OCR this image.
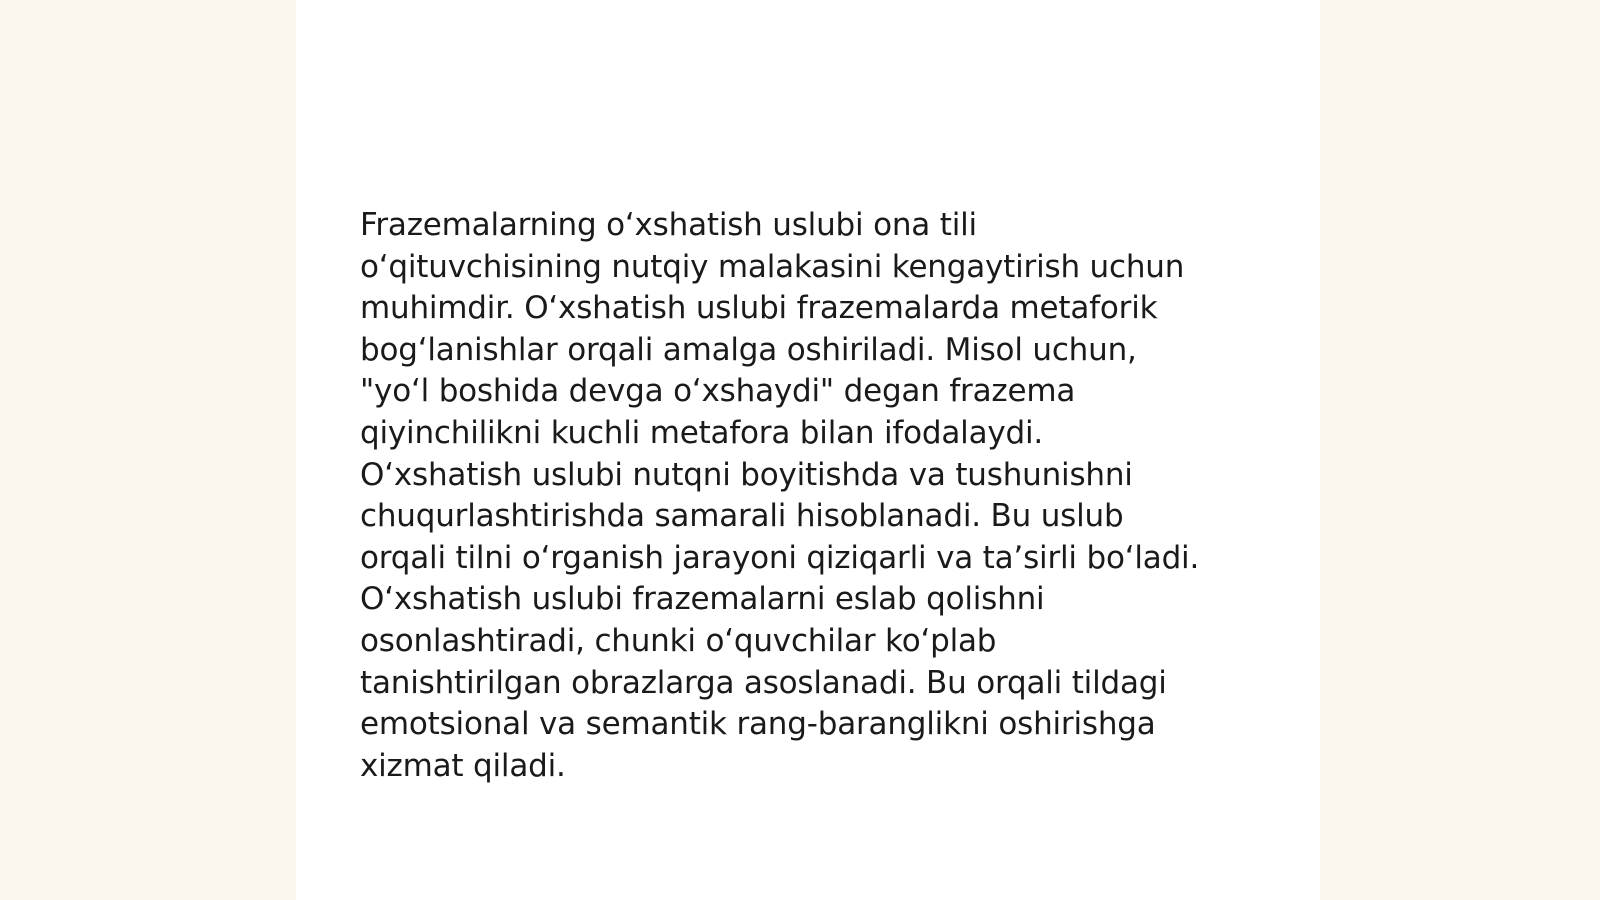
Frazemalarning oʻxshatish uslubi ona tili
oʻqituvchisining nutqiy malakasini kengaytirish uchun
muhimdir. Oʻxshatish uslubi frazemalarda metaforik
bogʻlanishlar orqali amalga oshiriladi. Misol uchun,
"yoʻl boshida devga oʻxshaydi" degan frazema
qiyinchilikni kuchli metafora bilan ifodalaydi.
Oʻxshatish uslubi nutqni boyitishda va tushunishni
chuqurlashtirishda samarali hisoblanadi. Bu uslub
orqali tilni oʻrganish jarayoni qiziqarli va taʼsirli boʻladi.
Oʻxshatish uslubi frazemalarni eslab qolishni
osonlashtiradi, chunki oʻquvchilar koʻplab
tanishtirilgan obrazlarga asoslanadi. Bu orqali tildagi
emotsional va semantik rang-baranglikni oshirishga
xizmat qiladi.
